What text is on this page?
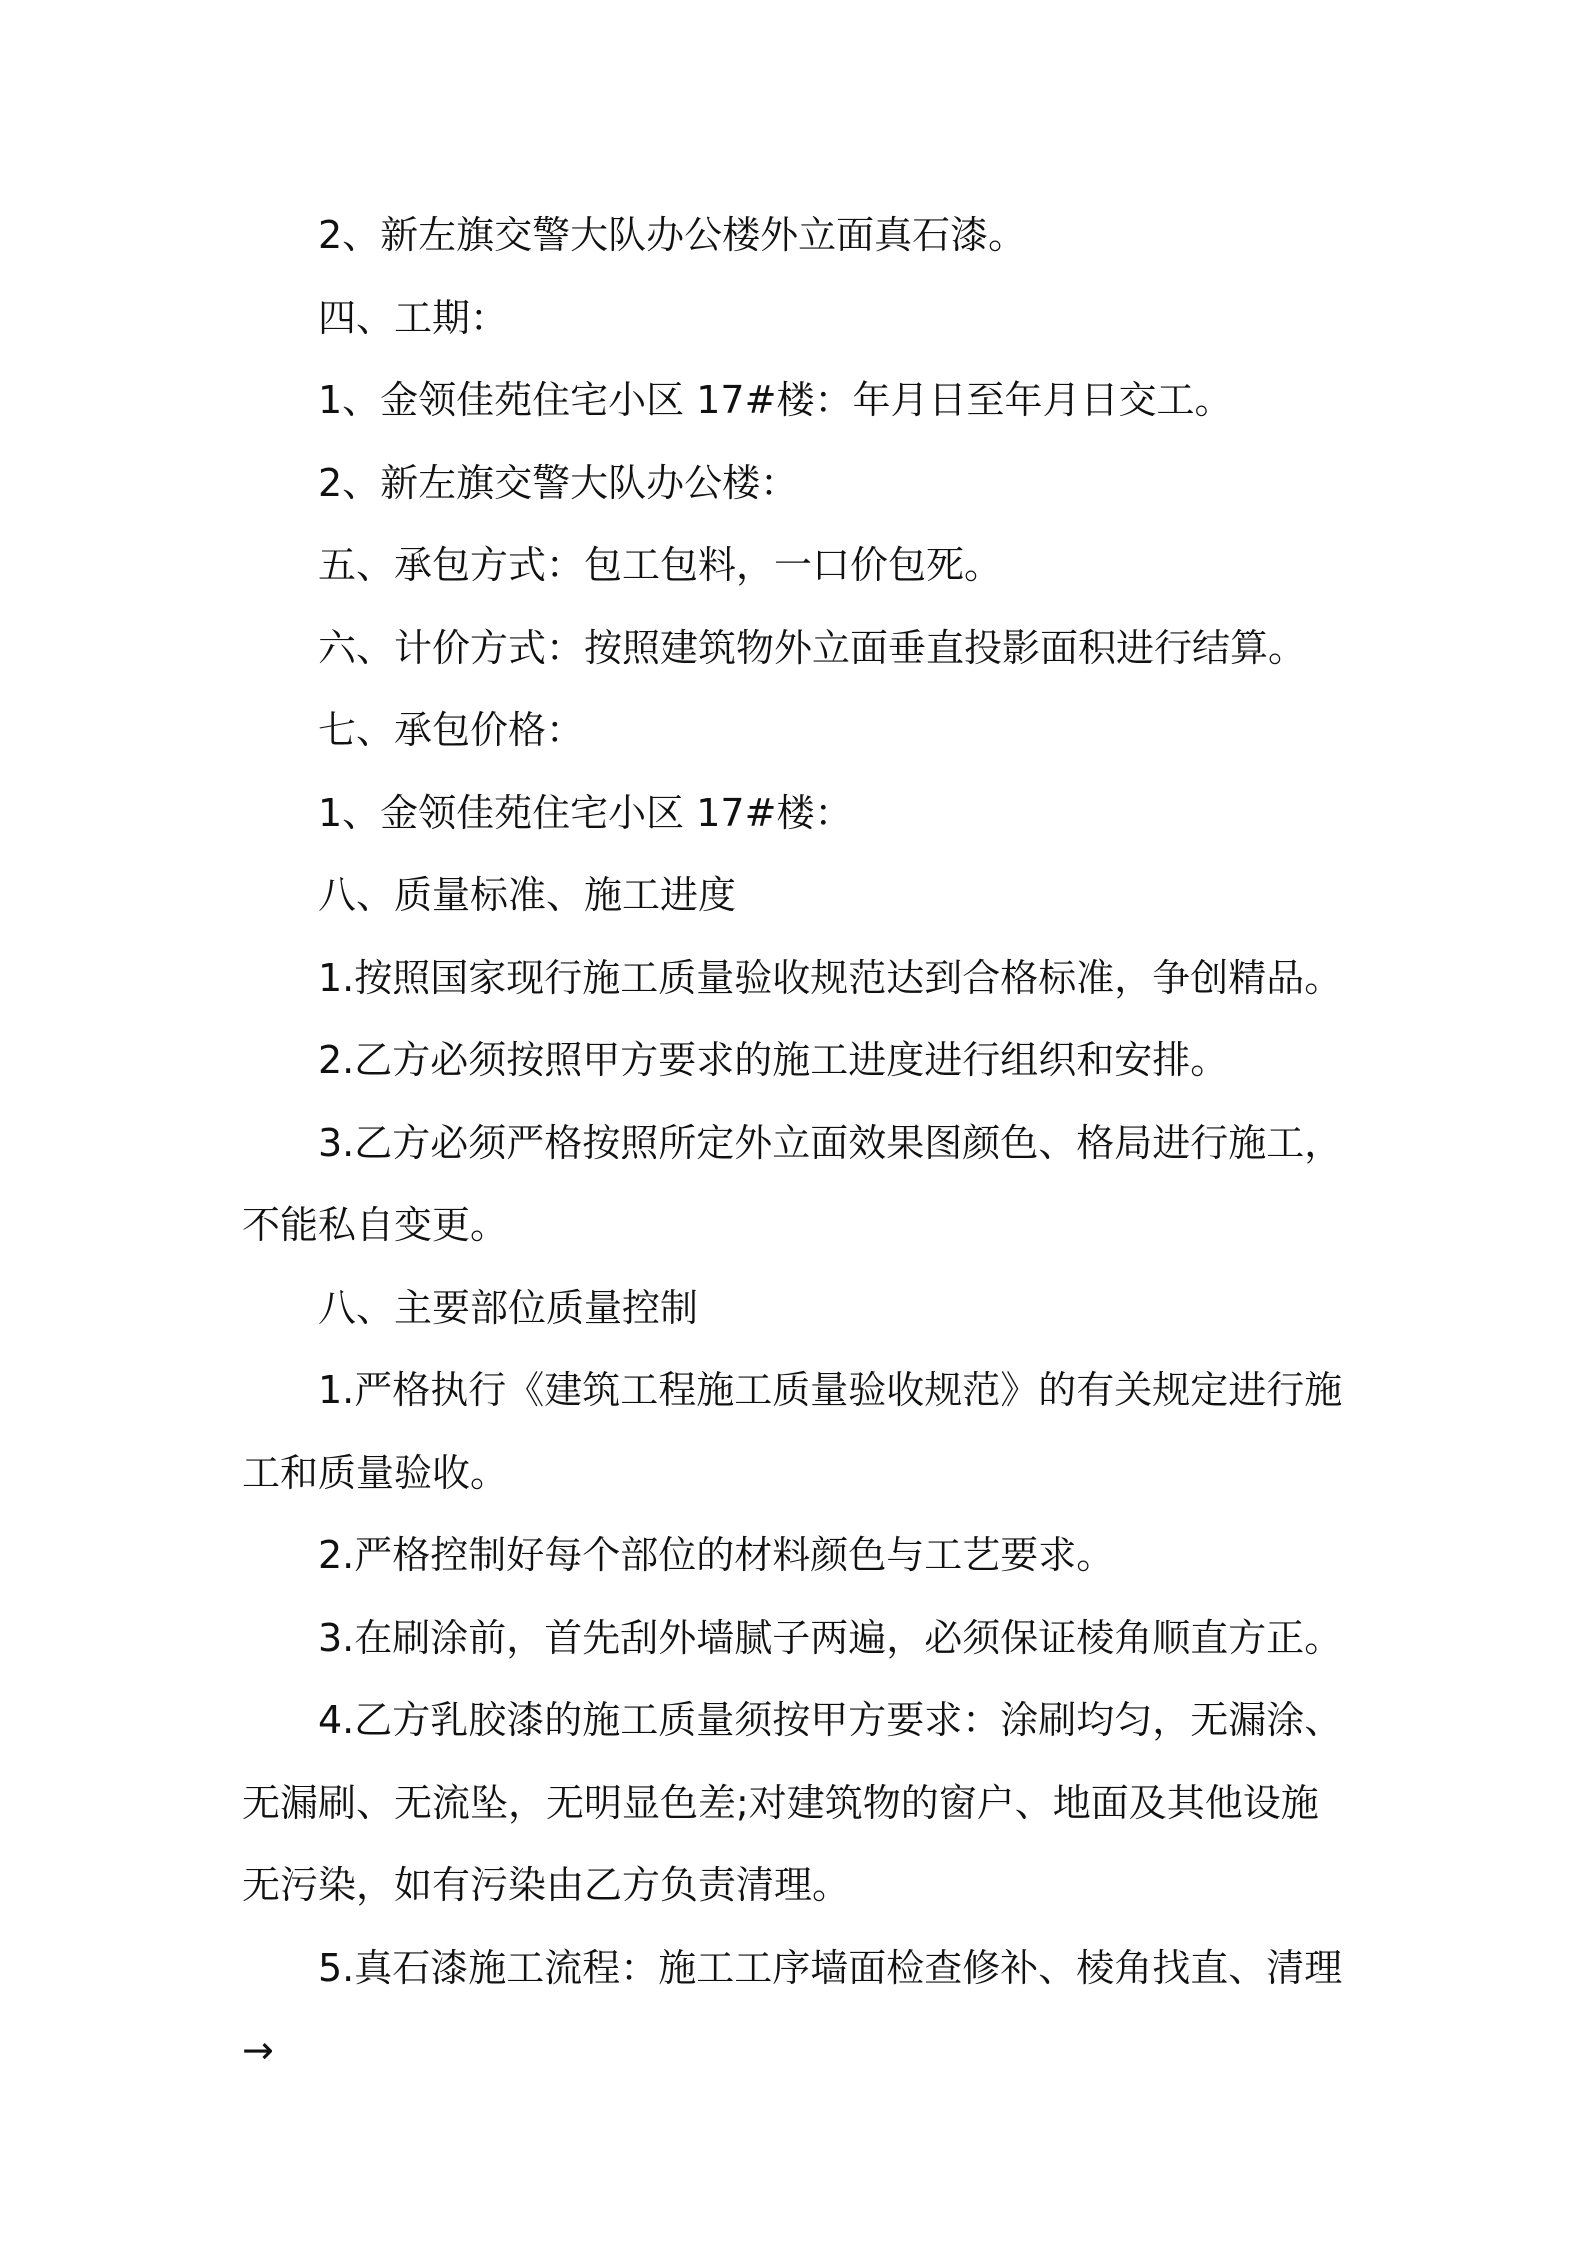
2、新左旗交警大队办公楼外立面真石漆。

四、工期：

1、金领佳苑住宅小区 17#楼：年月日至年月日交工。

2、新左旗交警大队办公楼：

五、承包方式：包工包料，一口价包死。

六、计价方式：按照建筑物外立面垂直投影面积进行结算。

七、承包价格：

1、金领佳苑住宅小区 17#楼：

八、质量标准、施工进度

1.按照国家现行施工质量验收规范达到合格标准，争创精品。

2.乙方必须按照甲方要求的施工进度进行组织和安排。

3.乙方必须严格按照所定外立面效果图颜色、格局进行施工，不能私自变更。

八、主要部位质量控制

1.严格执行《建筑工程施工质量验收规范》的有关规定进行施工和质量验收。

2.严格控制好每个部位的材料颜色与工艺要求。

3.在刷涂前，首先刮外墙腻子两遍，必须保证棱角顺直方正。

4.乙方乳胶漆的施工质量须按甲方要求：涂刷均匀，无漏涂、无漏刷、无流坠，无明显色差;对建筑物的窗户、地面及其他设施无污染，如有污染由乙方负责清理。

5.真石漆施工流程：施工工序墙面检查修补、棱角找直、清理→
